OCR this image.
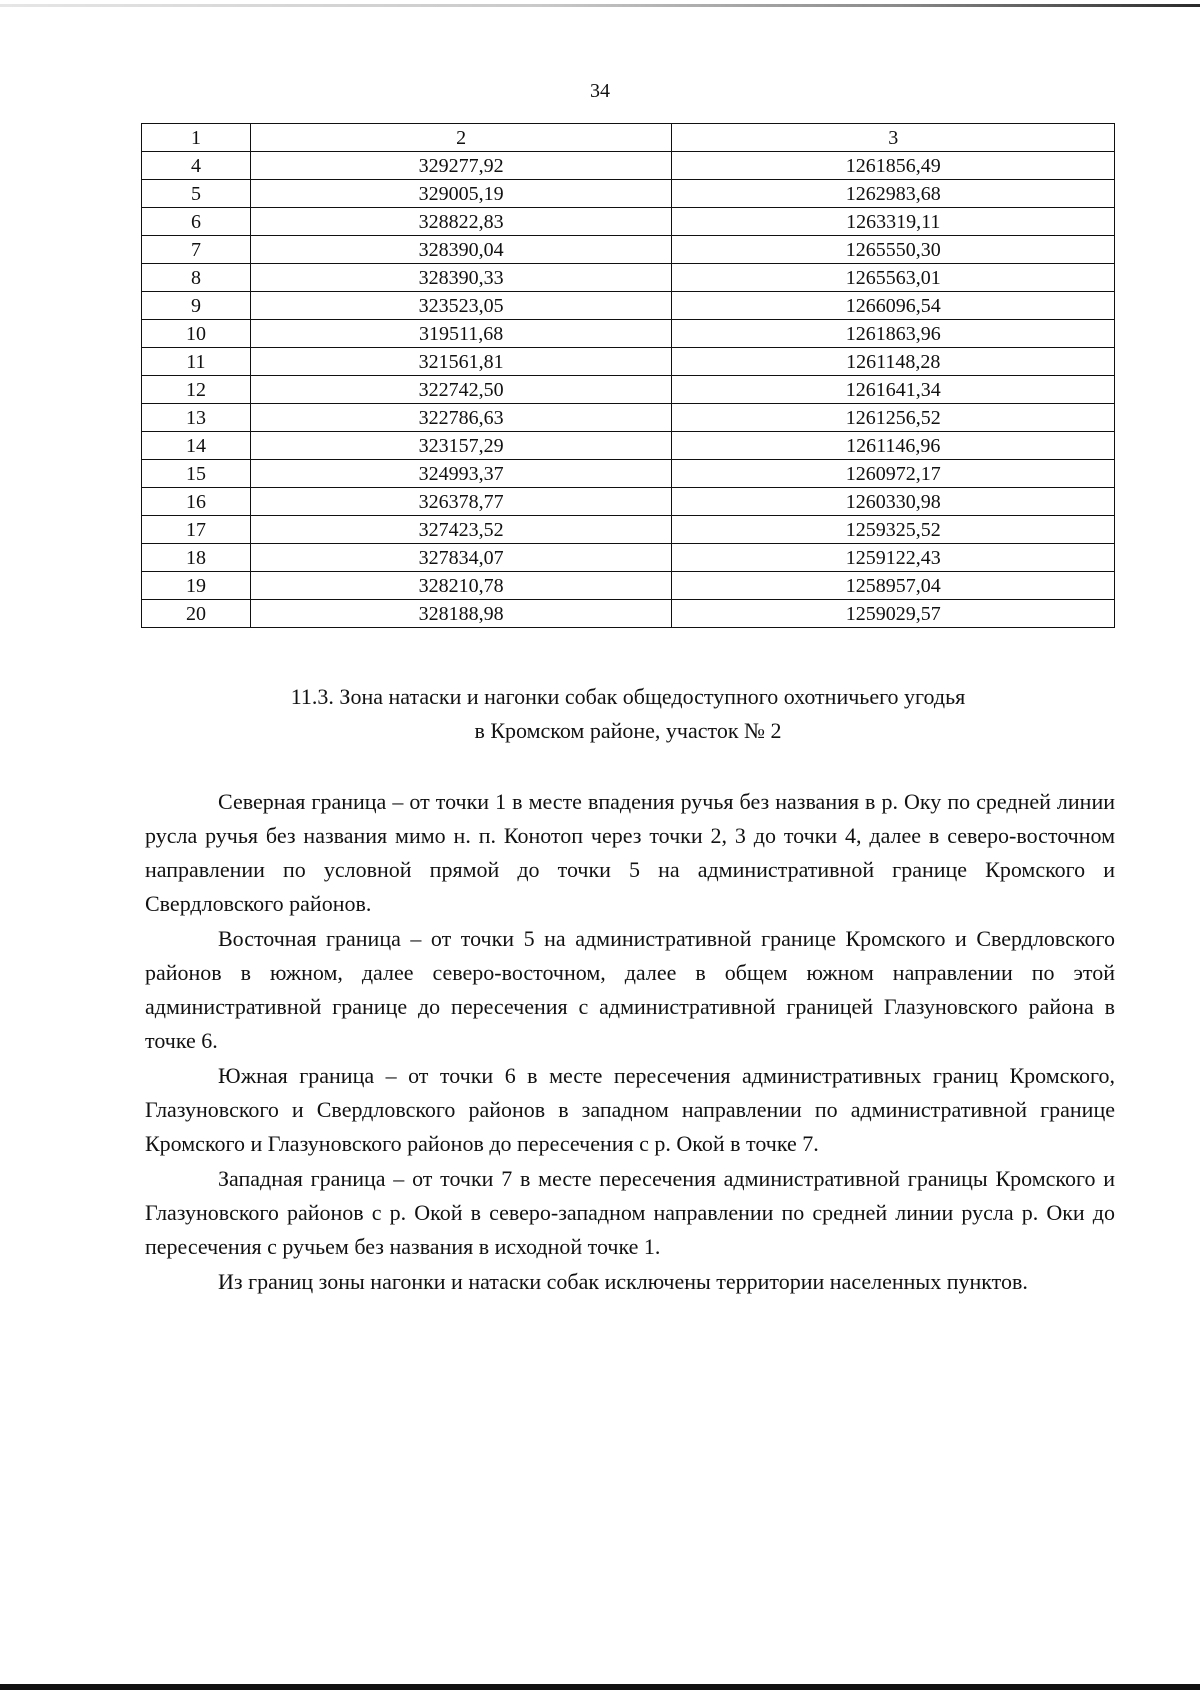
34
1	2	3
4	329277,92	1261856,49
5	329005,19	1262983,68
6	328822,83	1263319,11
7	328390,04	1265550,30
8	328390,33	1265563,01
9	323523,05	1266096,54
10	319511,68	1261863,96
11	321561,81	1261148,28
12	322742,50	1261641,34
13	322786,63	1261256,52
14	323157,29	1261146,96
15	324993,37	1260972,17
16	326378,77	1260330,98
17	327423,52	1259325,52
18	327834,07	1259122,43
19	328210,78	1258957,04
20	328188,98	1259029,57
11.3. Зона натаски и нагонки собак общедоступного охотничьего угодья
в Кромском районе, участок № 2

Северная граница – от точки 1 в месте впадения ручья без названия в р. Оку по средней линии русла ручья без названия мимо н. п. Конотоп через точки 2, 3 до точки 4, далее в северо-восточном направлении по условной прямой до точки 5 на административной границе Кромского и Свердловского районов.

Восточная граница – от точки 5 на административной границе Кромского и Свердловского районов в южном, далее северо-восточном, далее в общем южном направлении по этой административной границе до пересечения с административной границей Глазуновского района в точке 6.

Южная граница – от точки 6 в месте пересечения административных границ Кромского, Глазуновского и Свердловского районов в западном направлении по административной границе Кромского и Глазуновского районов до пересечения с р. Окой в точке 7.

Западная граница – от точки 7 в месте пересечения административной границы Кромского и Глазуновского районов с р. Окой в северо-западном направлении по средней линии русла р. Оки до пересечения с ручьем без названия в исходной точке 1.

Из границ зоны нагонки и натаски собак исключены территории населенных пунктов.
